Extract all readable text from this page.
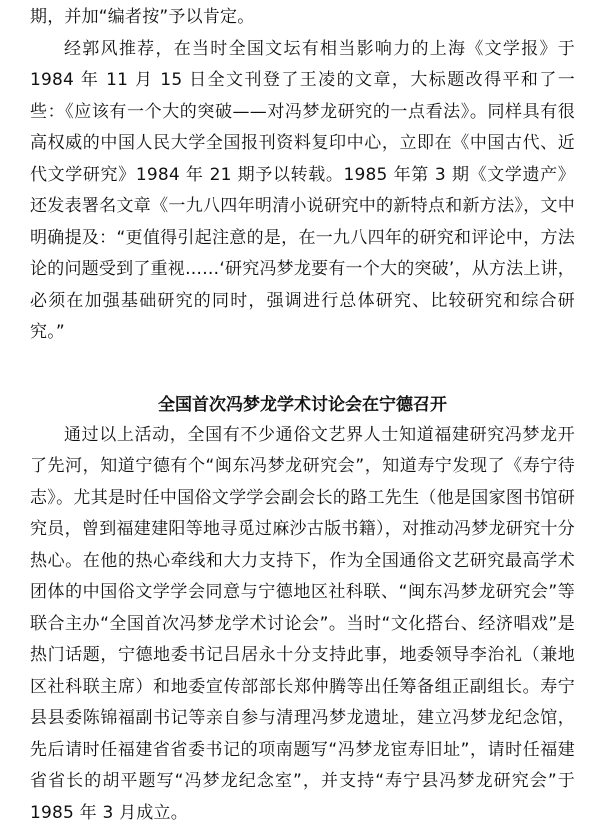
期，并加“编者按”予以肯定。

经郭风推荐，在当时全国文坛有相当影响力的上海《文学报》于 1984 年 11 月 15 日全文刊登了王凌的文章，大标题改得平和了一些：《应该有一个大的突破——对冯梦龙研究的一点看法》。同样具有很高权威的中国人民大学全国报刊资料复印中心，立即在《中国古代、近代文学研究》1984 年 21 期予以转载。1985 年第 3 期《文学遗产》还发表署名文章《一九八四年明清小说研究中的新特点和新方法》，文中明确提及：“更值得引起注意的是，在一九八四年的研究和评论中，方法论的问题受到了重视……‘研究冯梦龙要有一个大的突破’，从方法上讲，必须在加强基础研究的同时，强调进行总体研究、比较研究和综合研究。”

全国首次冯梦龙学术讨论会在宁德召开

通过以上活动，全国有不少通俗文艺界人士知道福建研究冯梦龙开了先河，知道宁德有个“闽东冯梦龙研究会”，知道寿宁发现了《寿宁待志》。尤其是时任中国俗文学学会副会长的路工先生（他是国家图书馆研究员，曾到福建建阳等地寻觅过麻沙古版书籍），对推动冯梦龙研究十分热心。在他的热心牵线和大力支持下，作为全国通俗文艺研究最高学术团体的中国俗文学学会同意与宁德地区社科联、“闽东冯梦龙研究会”等联合主办“全国首次冯梦龙学术讨论会”。当时“文化搭台、经济唱戏”是热门话题，宁德地委书记吕居永十分支持此事，地委领导李治礼（兼地区社科联主席）和地委宣传部部长郑仲腾等出任筹备组正副组长。寿宁县县委陈锦福副书记等亲自参与清理冯梦龙遗址，建立冯梦龙纪念馆，先后请时任福建省省委书记的项南题写“冯梦龙宦寿旧址”，请时任福建省省长的胡平题写“冯梦龙纪念室”，并支持“寿宁县冯梦龙研究会”于 1985 年 3 月成立。
